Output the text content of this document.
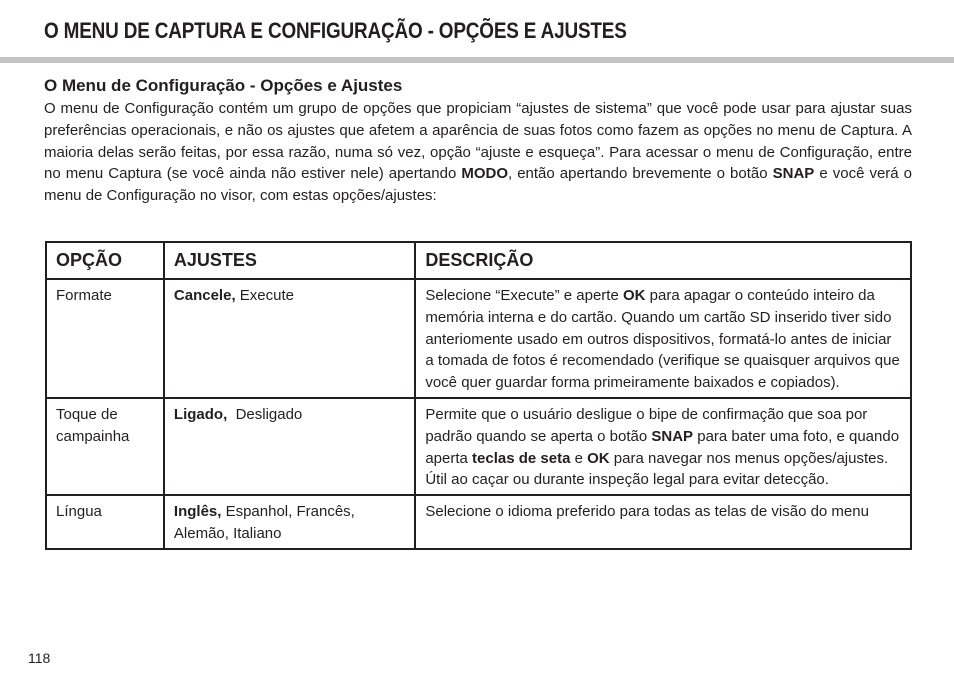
O MENU DE CAPTURA E CONFIGURAÇÃO - OPÇÕES E AJUSTES
O Menu de Configuração - Opções e Ajustes
O menu de Configuração contém um grupo de opções que propiciam “ajustes de sistema” que você pode usar para ajustar suas preferências operacionais, e não os ajustes que afetem a aparência de suas fotos como fazem as opções no menu de Captura. A maioria delas serão feitas, por essa razão, numa só vez, opção “ajuste e esqueça”. Para acessar o menu de Configuração, entre no menu Captura (se você ainda não estiver nele) apertando MODO, então apertando brevemente o botão SNAP e você verá o menu de Configuração no visor, com estas opções/ajustes:
OPÇÃO	AJUSTES	DESCRIÇÃO
Formate	Cancele, Execute	Selecione “Execute” e aperte OK para apagar o conteúdo inteiro da memória interna e do cartão. Quando um cartão SD inserido tiver sido anteriomente usado em outros dispositivos, formatá-lo antes de iniciar a tomada de fotos é recomendado (verifique se quaisquer arquivos que você quer guardar forma primeiramente baixados e copiados).
Toque de campainha	Ligado,  Desligado	Permite que o usuário desligue o bipe de confirmação que soa por padrão quando se aperta o botão SNAP para bater uma foto, e quando aperta teclas de seta e OK para navegar nos menus opções/ajustes. Útil ao caçar ou durante inspeção legal para evitar detecção.
Língua	Inglês, Espanhol, Francês, Alemão, Italiano	Selecione o idioma preferido para todas as telas de visão do menu
118
